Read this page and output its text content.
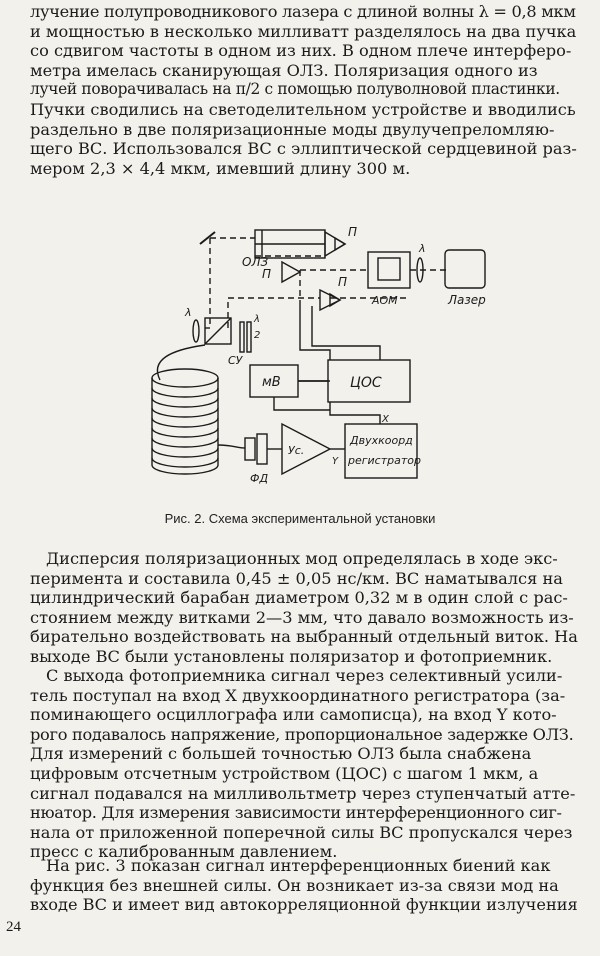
лучение полупроводникового лазера с длиной волны λ = 0,8 мкм
и мощностью в несколько милливатт разделялось на два пучка
со сдвигом частоты в одном из них. В одном плече интерферо-
метра имелась сканирующая ОЛЗ. Поляризация одного из
лучей поворачивалась на π/2 с помощью полуволновой пластинки.
Пучки сводились на светоделительном устройстве и вводились
раздельно в две поляризационные моды двулучепреломляю-
щего ВС. Использовался ВС с эллиптической сердцевиной раз-
мером 2,3 × 4,4 мкм, имевший длину 300 м.
ОЛЗ
П
П
П
λ
λ
λ
2
СУ
АОМ	Лазер
мВ	ЦОС
X
Y
Ус.
Двухкоорд
регистратор
ФД
Рис. 2. Схема экспериментальной установки
Дисперсия поляризационных мод определялась в ходе экс-
перимента и составила 0,45 ± 0,05 нс/км. ВС наматывался на
цилиндрический барабан диаметром 0,32 м в один слой с рас-
стоянием между витками 2—3 мм, что давало возможность из-
бирательно воздействовать на выбранный отдельный виток. На
выходе ВС были установлены поляризатор и фотоприемник.
С выхода фотоприемника сигнал через селективный усили-
тель поступал на вход X двухкоординатного регистратора (за-
поминающего осциллографа или самописца), на вход Y кото-
рого подавалось напряжение, пропорциональное задержке ОЛЗ.
Для измерений с большей точностью ОЛЗ была снабжена
цифровым отсчетным устройством (ЦОС) с шагом 1 мкм, а
сигнал подавался на милливольтметр через ступенчатый атте-
нюатор. Для измерения зависимости интерференционного сиг-
нала от приложенной поперечной силы ВС пропускался через
пресс с калиброванным давлением.
На рис. 3 показан сигнал интерференционных биений как
функция без внешней силы. Он возникает из-за связи мод на
входе ВС и имеет вид автокорреляционной функции излучения
24
